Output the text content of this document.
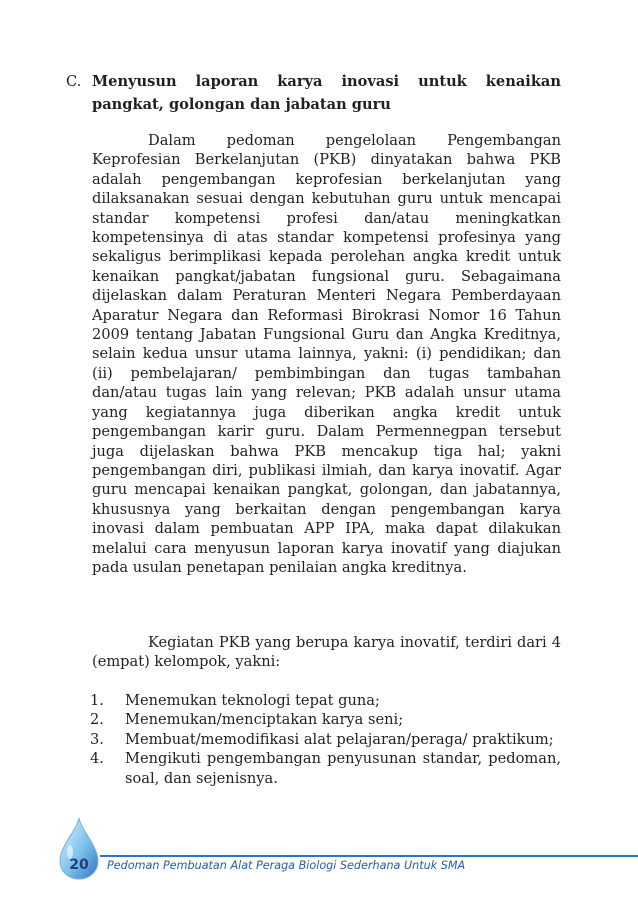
C. Menyusun laporan karya inovasi untuk kenaikan
pangkat, golongan dan jabatan guru
Dalam pedoman pengelolaan Pengembangan Keprofesian Berkelanjutan (PKB) dinyatakan bahwa PKB adalah pengembangan keprofesian berkelanjutan yang dilaksanakan sesuai dengan kebutuhan guru untuk mencapai standar kompetensi profesi dan/atau meningkatkan kompetensinya di atas standar kompetensi profesinya yang sekaligus berimplikasi kepada perolehan angka kredit untuk kenaikan pangkat/jabatan fungsional guru. Sebagaimana dijelaskan dalam Peraturan Menteri Negara Pemberdayaan Aparatur Negara dan Reformasi Birokrasi Nomor 16 Tahun 2009 tentang Jabatan Fungsional Guru dan Angka Kreditnya, selain kedua unsur utama lainnya, yakni: (i) pendidikan; dan (ii) pembelajaran/ pembimbingan dan tugas tambahan dan/atau tugas lain yang relevan; PKB adalah unsur utama yang kegiatannya juga diberikan angka kredit untuk pengembangan karir guru. Dalam Permennegpan tersebut juga dijelaskan bahwa PKB mencakup tiga hal; yakni pengembangan diri, publikasi ilmiah, dan karya inovatif. Agar guru mencapai kenaikan pangkat, golongan, dan jabatannya, khususnya yang berkaitan dengan pengembangan karya inovasi dalam pembuatan APP IPA, maka dapat dilakukan melalui cara menyusun laporan karya inovatif yang diajukan pada usulan penetapan penilaian angka kreditnya.
Kegiatan PKB yang berupa karya inovatif, terdiri dari 4 (empat) kelompok, yakni:
1. Menemukan teknologi tepat guna;
2. Menemukan/menciptakan karya seni;
3. Membuat/memodifikasi alat pelajaran/peraga/ praktikum;
4. Mengikuti pengembangan penyusunan standar, pedoman, soal, dan sejenisnya.
20	Pedoman Pembuatan Alat Peraga Biologi Sederhana Untuk SMA
